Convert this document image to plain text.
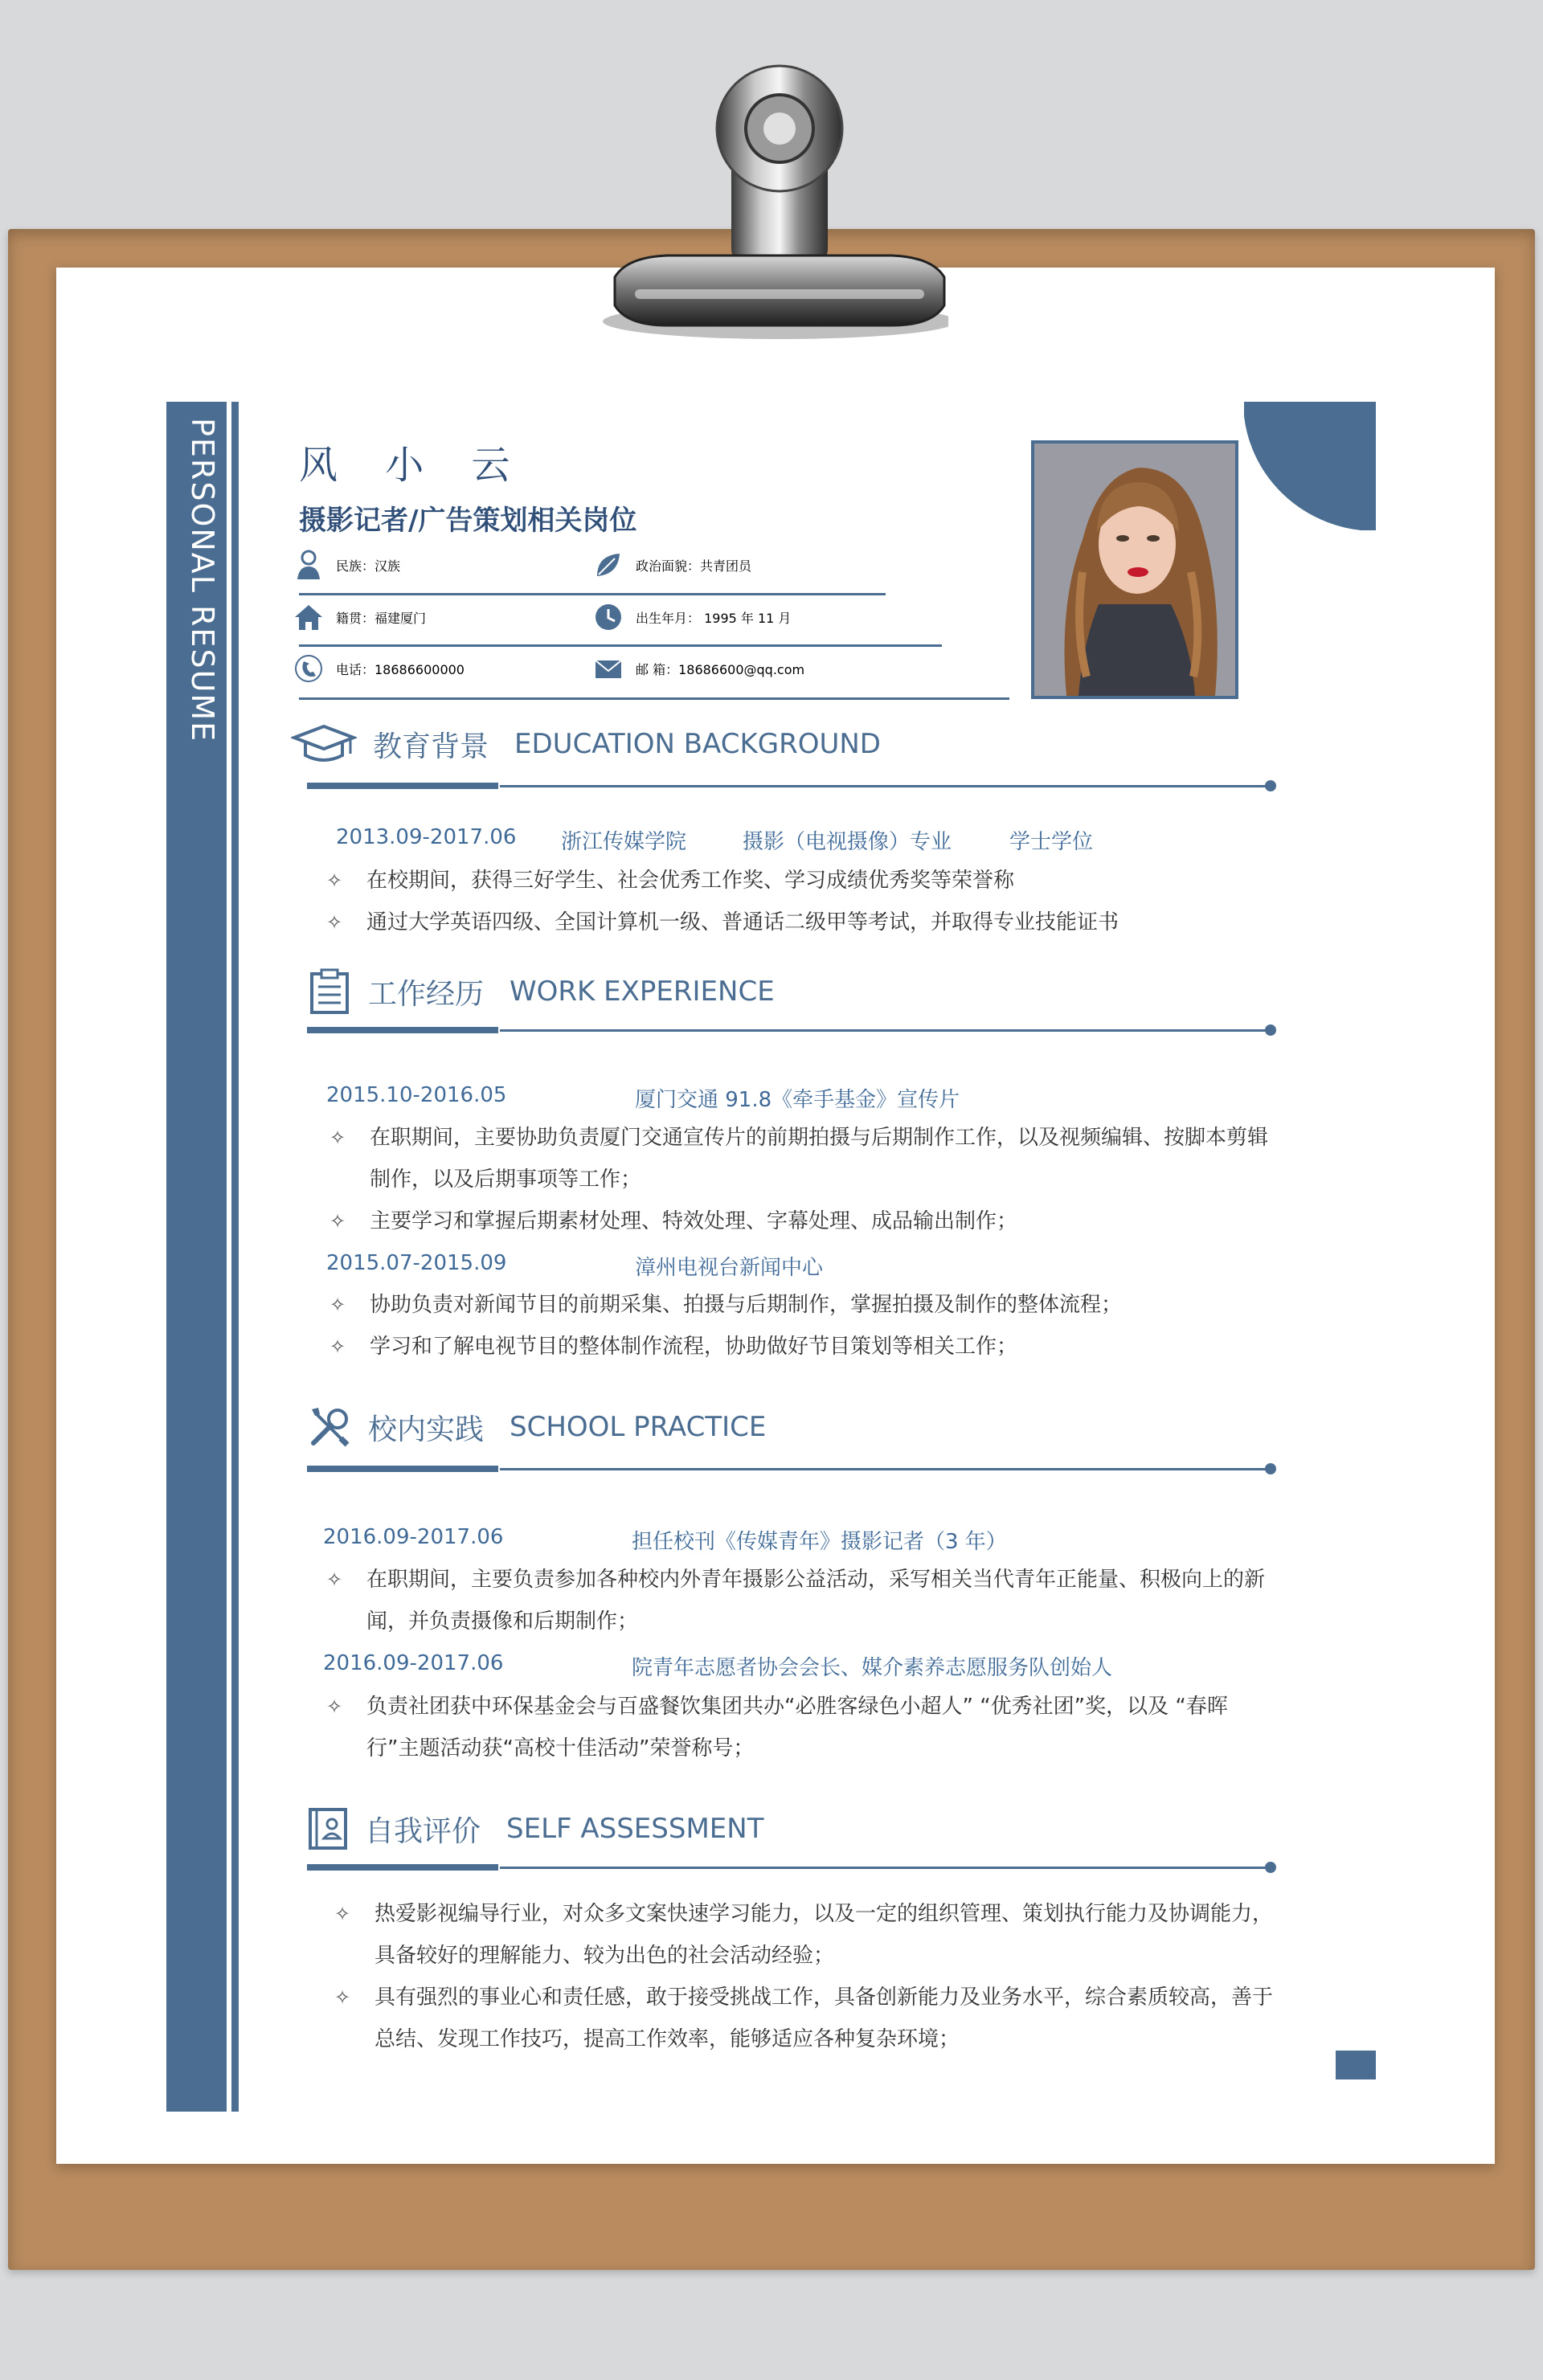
PERSONAL RESUME 风 小 云
摄影记者/广告策划相关岗位
民族：汉族	政治面貌：共青团员
籍贯：福建厦门	出生年月： 1995 年 11 月
电话：18686600000	邮 箱：18686600@qq.com
教育背景 EDUCATION BACKGROUND
2013.09-2017.06 浙江传媒学院	摄影（电视摄像）专业	学士学位
✧ 在校期间，获得三好学生、社会优秀工作奖、学习成绩优秀奖等荣誉称
✧ 通过大学英语四级、全国计算机一级、普通话二级甲等考试，并取得专业技能证书
工作经历 WORK EXPERIENCE
2015.10-2016.05	厦门交通 91.8《牵手基金》宣传片
✧ 在职期间，主要协助负责厦门交通宣传片的前期拍摄与后期制作工作，以及视频编辑、按脚本剪辑制作，以及后期事项等工作；
✧ 主要学习和掌握后期素材处理、特效处理、字幕处理、成品输出制作；
2015.07-2015.09	漳州电视台新闻中心
✧ 协助负责对新闻节目的前期采集、拍摄与后期制作，掌握拍摄及制作的整体流程；
✧ 学习和了解电视节目的整体制作流程，协助做好节目策划等相关工作；
校内实践 SCHOOL PRACTICE
2016.09-2017.06	担任校刊《传媒青年》摄影记者（3 年）
✧ 在职期间，主要负责参加各种校内外青年摄影公益活动，采写相关当代青年正能量、积极向上的新闻，并负责摄像和后期制作；
2016.09-2017.06	院青年志愿者协会会长、媒介素养志愿服务队创始人
✧ 负责社团获中环保基金会与百盛餐饮集团共办“必胜客绿色小超人” “优秀社团”奖，以及 “春晖行”主题活动获“高校十佳活动”荣誉称号；
自我评价 SELF ASSESSMENT
✧ 热爱影视编导行业，对众多文案快速学习能力，以及一定的组织管理、策划执行能力及协调能力，具备较好的理解能力、较为出色的社会活动经验；
✧ 具有强烈的事业心和责任感，敢于接受挑战工作，具备创新能力及业务水平，综合素质较高，善于总结、发现工作技巧，提高工作效率，能够适应各种复杂环境；
